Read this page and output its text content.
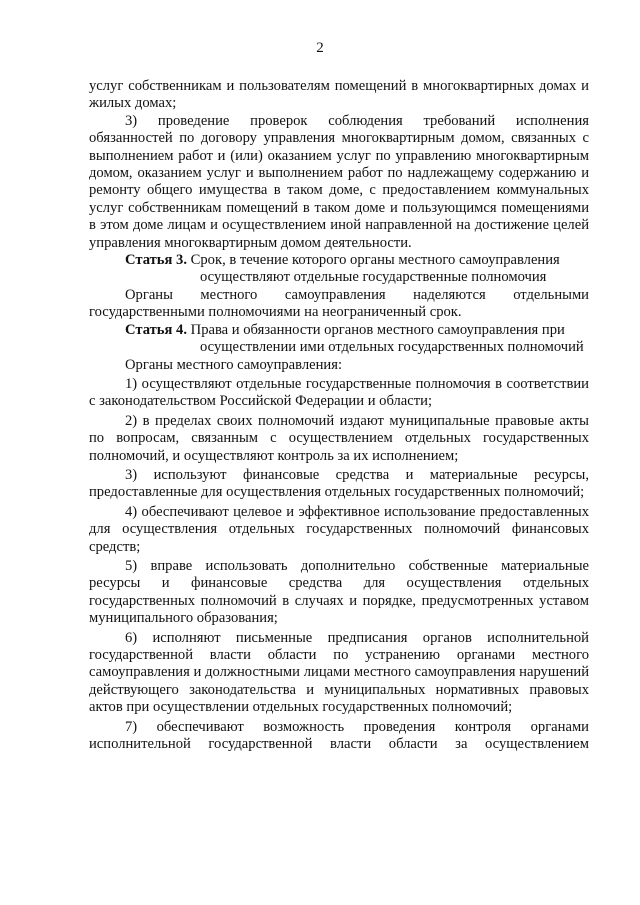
2

услуг собственникам и пользователям помещений в многоквартирных домах и жилых домах;

3) проведение проверок соблюдения требований исполнения обязанностей по договору управления многоквартирным домом, связанных с выполнением работ и (или) оказанием услуг по управлению многоквартирным домом, оказанием услуг и выполнением работ по надлежащему содержанию и ремонту общего имущества в таком доме, с предоставлением коммунальных услуг собственникам помещений в таком доме и пользующимся помещениями в этом доме лицам и осуществлением иной направленной на достижение целей управления многоквартирным домом деятельности.

Статья 3. Срок, в течение которого органы местного самоуправления осуществляют отдельные государственные полномочия

Органы местного самоуправления наделяются отдельными государственными полномочиями на неограниченный срок.

Статья 4. Права и обязанности органов местного самоуправления при осуществлении ими отдельных государственных полномочий

Органы местного самоуправления:

1) осуществляют отдельные государственные полномочия в соответствии с законодательством Российской Федерации и области;

2) в пределах своих полномочий издают муниципальные правовые акты по вопросам, связанным с осуществлением отдельных государственных полномочий, и осуществляют контроль за их исполнением;

3) используют финансовые средства и материальные ресурсы, предоставленные для осуществления отдельных государственных полномочий;

4) обеспечивают целевое и эффективное использование предоставленных для осуществления отдельных государственных полномочий финансовых средств;

5) вправе использовать дополнительно собственные материальные ресурсы и финансовые средства для осуществления отдельных государственных полномочий в случаях и порядке, предусмотренных уставом муниципального образования;

6) исполняют письменные предписания органов исполнительной государственной власти области по устранению органами местного самоуправления и должностными лицами местного самоуправления нарушений действующего законодательства и муниципальных нормативных правовых актов при осуществлении отдельных государственных полномочий;

7) обеспечивают возможность проведения контроля органами исполнительной государственной власти области за осуществлением
